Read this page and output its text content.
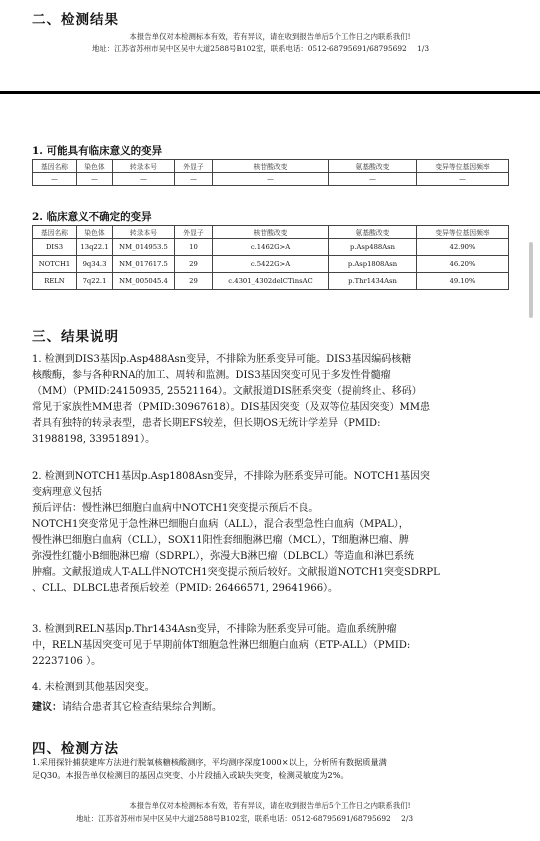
二、检测结果
本报告单仅对本检测标本有效，若有异议，请在收到报告单后5个工作日之内联系我们!
地址：江苏省苏州市吴中区吴中大道2588号B102室，联系电话：0512-68795691/68795692 1/3
1. 可能具有临床意义的变异
基因名称	染色体	转录本号	外显子	核苷酸改变	氨基酸改变	变异等位基因频率
—	—	—	—	—	—	—
2. 临床意义不确定的变异
基因名称	染色体	转录本号	外显子	核苷酸改变	氨基酸改变	变异等位基因频率
DIS3	13q22.1	NM_014953.5	10	c.1462G>A	p.Asp488Asn	42.90%
NOTCH1	9q34.3	NM_017617.5	29	c.5422G>A	p.Asp1808Asn	46.20%
RELN	7q22.1	NM_005045.4	29	c.4301_4302delCTinsAC	p.Thr1434Asn	49.10%
三、结果说明

1. 检测到DIS3基因p.Asp488Asn变异，不排除为胚系变异可能。DIS3基因编码核糖

核酸酶，参与各种RNA的加工、周转和监测。DIS3基因突变可见于多发性骨髓瘤

（MM）（PMID:24150935, 25521164）。文献报道DIS胚系突变（提前终止、移码）

常见于家族性MM患者（PMID:30967618）。DIS基因突变（及双等位基因突变）MM患

者具有独特的转录表型，患者长期EFS较差，但长期OS无统计学差异（PMID:

31988198, 33951891）。

2. 检测到NOTCH1基因p.Asp1808Asn变异，不排除为胚系变异可能。NOTCH1基因突

变病理意义包括

预后评估：慢性淋巴细胞白血病中NOTCH1突变提示预后不良。

NOTCH1突变常见于急性淋巴细胞白血病（ALL），混合表型急性白血病（MPAL），

慢性淋巴细胞白血病（CLL），SOX11阳性套细胞淋巴瘤（MCL），T细胞淋巴瘤、脾

弥漫性红髓小B细胞淋巴瘤（SDRPL），弥漫大B淋巴瘤（DLBCL）等造血和淋巴系统

肿瘤。文献报道成人T-ALL伴NOTCH1突变提示预后较好。文献报道NOTCH1突变SDRPL

、CLL、DLBCL患者预后较差（PMID: 26466571, 29641966）。

3. 检测到RELN基因p.Thr1434Asn变异，不排除为胚系变异可能。造血系统肿瘤

中，RELN基因突变可见于早期前体T细胞急性淋巴细胞白血病（ETP-ALL）（PMID:

22237106 ）。

4. 未检测到其他基因突变。

建议：请结合患者其它检查结果综合判断。

四、检测方法

1.采用探针捕获建库方法进行脱氧核糖核酸测序，平均测序深度1000×以上，分析所有数据质量满

足Q30。本报告单仅检测目的基因点突变、小片段插入或缺失突变，检测灵敏度为2%。

本报告单仅对本检测标本有效，若有异议，请在收到报告单后5个工作日之内联系我们!
地址：江苏省苏州市吴中区吴中大道2588号B102室，联系电话：0512-68795691/68795692 2/3
